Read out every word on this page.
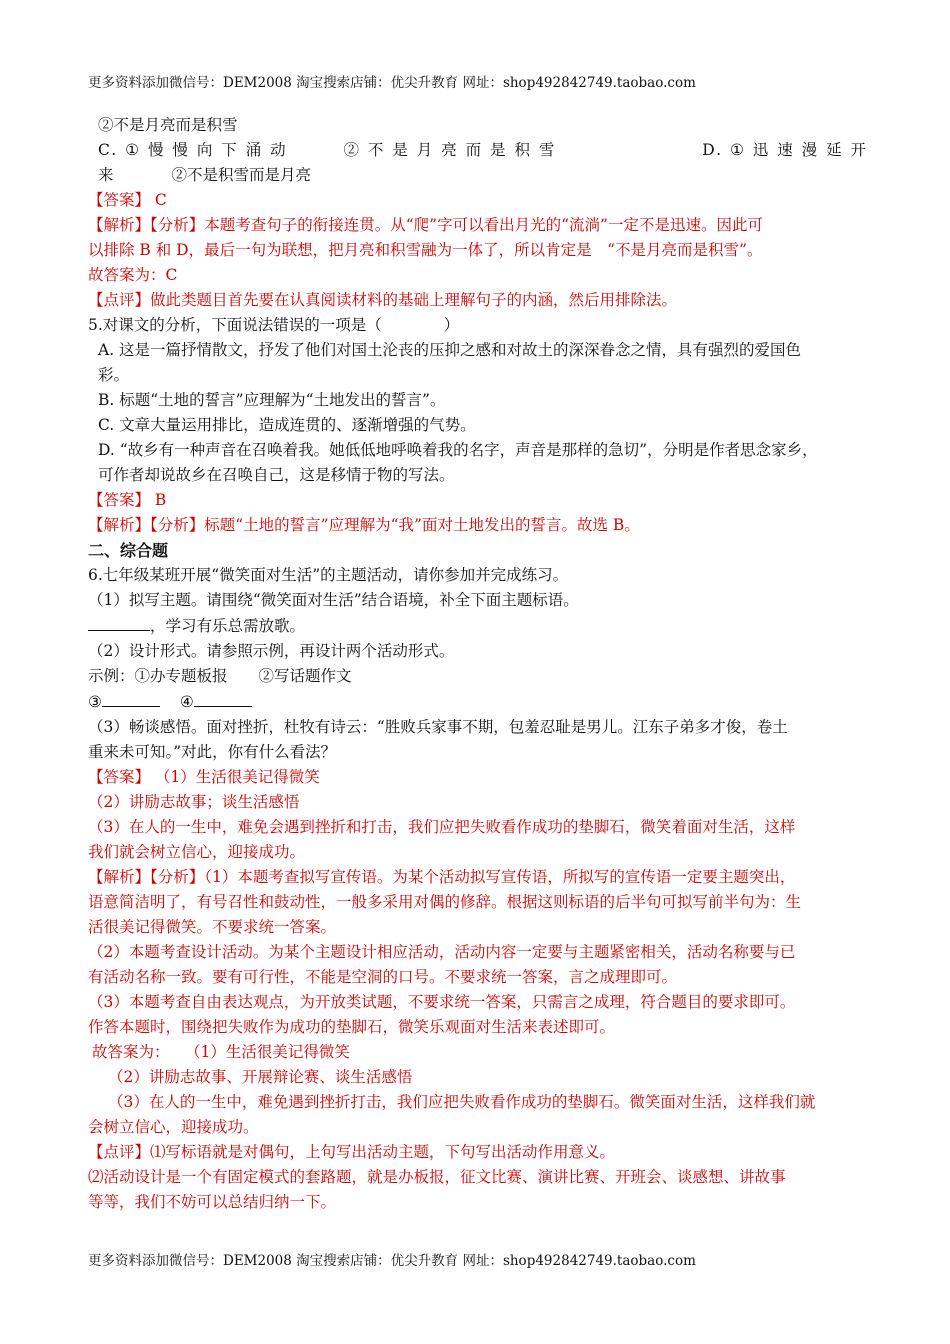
更多资料添加微信号：DEM2008 淘宝搜索店铺：优尖升教育 网址：shop492842749.taobao.com

②不是月亮而是积雪

C. ① 慢 慢 向 下 涌 动	② 不 是 月 亮 而 是 积 雪	D. ① 迅 速 漫 延 开

来	②不是积雪而是月亮

【答案】 C

【解析】【分析】本题考查句子的衔接连贯。从“爬”字可以看出月光的“流淌”一定不是迅速。因此可

以排除 B 和 D，最后一句为联想，把月亮和积雪融为一体了，所以肯定是　“不是月亮而是积雪”。

故答案为：C

【点评】做此类题目首先要在认真阅读材料的基础上理解句子的内涵，然后用排除法。

5.对课文的分析，下面说法错误的一项是（　　　　）

A. 这是一篇抒情散文，抒发了他们对国土沦丧的压抑之感和对故土的深深眷念之情，具有强烈的爱国色

彩。

B. 标题“土地的誓言”应理解为“土地发出的誓言”。

C. 文章大量运用排比，造成连贯的、逐渐增强的气势。

D. “故乡有一种声音在召唤着我。她低低地呼唤着我的名字，声音是那样的急切”，分明是作者思念家乡，

可作者却说故乡在召唤自己，这是移情于物的写法。

【答案】 B

【解析】【分析】标题“土地的誓言”应理解为“我”面对土地发出的誓言。故选 B。

二、综合题

6.七年级某班开展“微笑面对生活”的主题活动，请你参加并完成练习。

（1）拟写主题。请围绕“微笑面对生活”结合语境，补全下面主题标语。

，学习有乐总需放歌。

（2）设计形式。请参照示例，再设计两个活动形式。

示例：①办专题板报　　②写话题作文

③	④

（3）畅谈感悟。面对挫折，杜牧有诗云：“胜败兵家事不期，包羞忍耻是男儿。江东子弟多才俊，卷土

重来未可知。”对此，你有什么看法？

【答案】 （1）生活很美记得微笑

（2）讲励志故事；谈生活感悟

（3）在人的一生中，难免会遇到挫折和打击，我们应把失败看作成功的垫脚石，微笑着面对生活，这样

我们就会树立信心，迎接成功。

【解析】【分析】（1）本题考查拟写宣传语。为某个活动拟写宣传语，所拟写的宣传语一定要主题突出，

语意简洁明了，有号召性和鼓动性，一般多采用对偶的修辞。根据这则标语的后半句可拟写前半句为：生

活很美记得微笑。不要求统一答案。

（2）本题考查设计活动。为某个主题设计相应活动，活动内容一定要与主题紧密相关，活动名称要与已

有活动名称一致。要有可行性，不能是空洞的口号。不要求统一答案，言之成理即可。

（3）本题考查自由表达观点，为开放类试题，不要求统一答案，只需言之成理，符合题目的要求即可。

作答本题时，围绕把失败作为成功的垫脚石，微笑乐观面对生活来表述即可。

故答案为：　　（1）生活很美记得微笑

（2）讲励志故事、开展辩论赛、谈生活感悟

（3）在人的一生中，难免遇到挫折打击，我们应把失败看作成功的垫脚石。微笑面对生活，这样我们就

会树立信心，迎接成功。

【点评】⑴写标语就是对偶句，上句写出活动主题，下句写出活动作用意义。

⑵活动设计是一个有固定模式的套路题，就是办板报，征文比赛、演讲比赛、开班会、谈感想、讲故事

等等，我们不妨可以总结归纳一下。

更多资料添加微信号：DEM2008 淘宝搜索店铺：优尖升教育 网址：shop492842749.taobao.com
